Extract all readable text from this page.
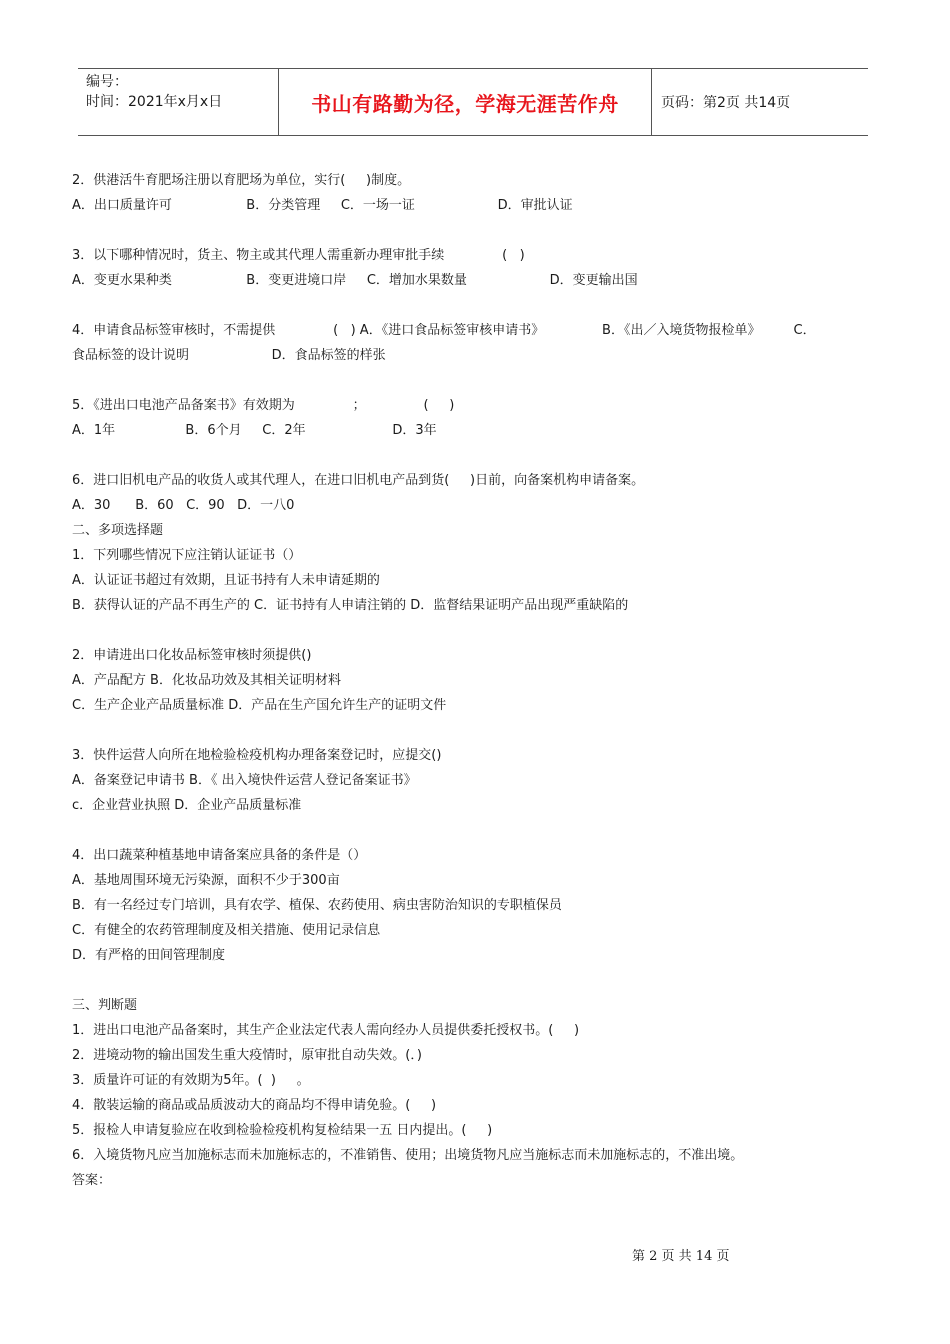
编号：
时间：2021年x月x日	书山有路勤为径，学海无涯苦作舟	页码：第2页 共14页
2．供港活牛育肥场注册以育肥场为单位，实行(     )制度。
A．出口质量许可                  B．分类管理     C．一场一证                    D．审批认证
3．以下哪种情况时，货主、物主或其代理人需重新办理审批手续              (   )
A．变更水果种类                  B．变更进境口岸     C．增加水果数量                    D．变更输出国
4．申请食品标签审核时，不需提供              (   ) A．《进口食品标签审核申请书》              B．《出／入境货物报检单》        C．
食品标签的设计说明                    D．食品标签的样张
5．《进出口电池产品备案书》有效期为              ；              (     )
A．1年                 B．6个月     C．2年                     D．3年
6．进口旧机电产品的收货人或其代理人，在进口旧机电产品到货(     )日前，向备案机构申请备案。
A．30      B．60   C．90   D．一八0
二、多项选择题
1．下列哪些情况下应注销认证证书（）
A．认证证书超过有效期，且证书持有人未申请延期的
B．获得认证的产品不再生产的 C．证书持有人申请注销的 D．监督结果证明产品出现严重缺陷的
2．申请进出口化妆品标签审核时须提供()
A．产品配方 B．化妆品功效及其相关证明材料
C．生产企业产品质量标准 D．产品在生产国允许生产的证明文件
3．快件运营人向所在地检验检疫机构办理备案登记时，应提交()
A．备案登记申请书 B．《 出入境快件运营人登记备案证书》
c．企业营业执照 D．企业产品质量标准
4．出口蔬菜种植基地申请备案应具备的条件是（）
A．基地周围环境无污染源，面积不少于300亩
B．有一名经过专门培训，具有农学、植保、农药使用、病虫害防治知识的专职植保员
C．有健全的农药管理制度及相关措施、使用记录信息
D．有严格的田间管理制度
三、判断题
1．进出口电池产品备案时，其生产企业法定代表人需向经办人员提供委托授权书。(     )
2．进境动物的输出国发生重大疫情时，原审批自动失效。(．)
3．质量许可证的有效期为5年。(  )     。
4．散装运输的商品或品质波动大的商品均不得申请免验。(     )
5．报检人申请复验应在收到检验检疫机构复检结果一五 日内提出。(     )
6．入境货物凡应当加施标志而未加施标志的，不准销售、使用；出境货物凡应当施标志而未加施标志的，不准出境。
答案：
第 2 页 共 14 页
